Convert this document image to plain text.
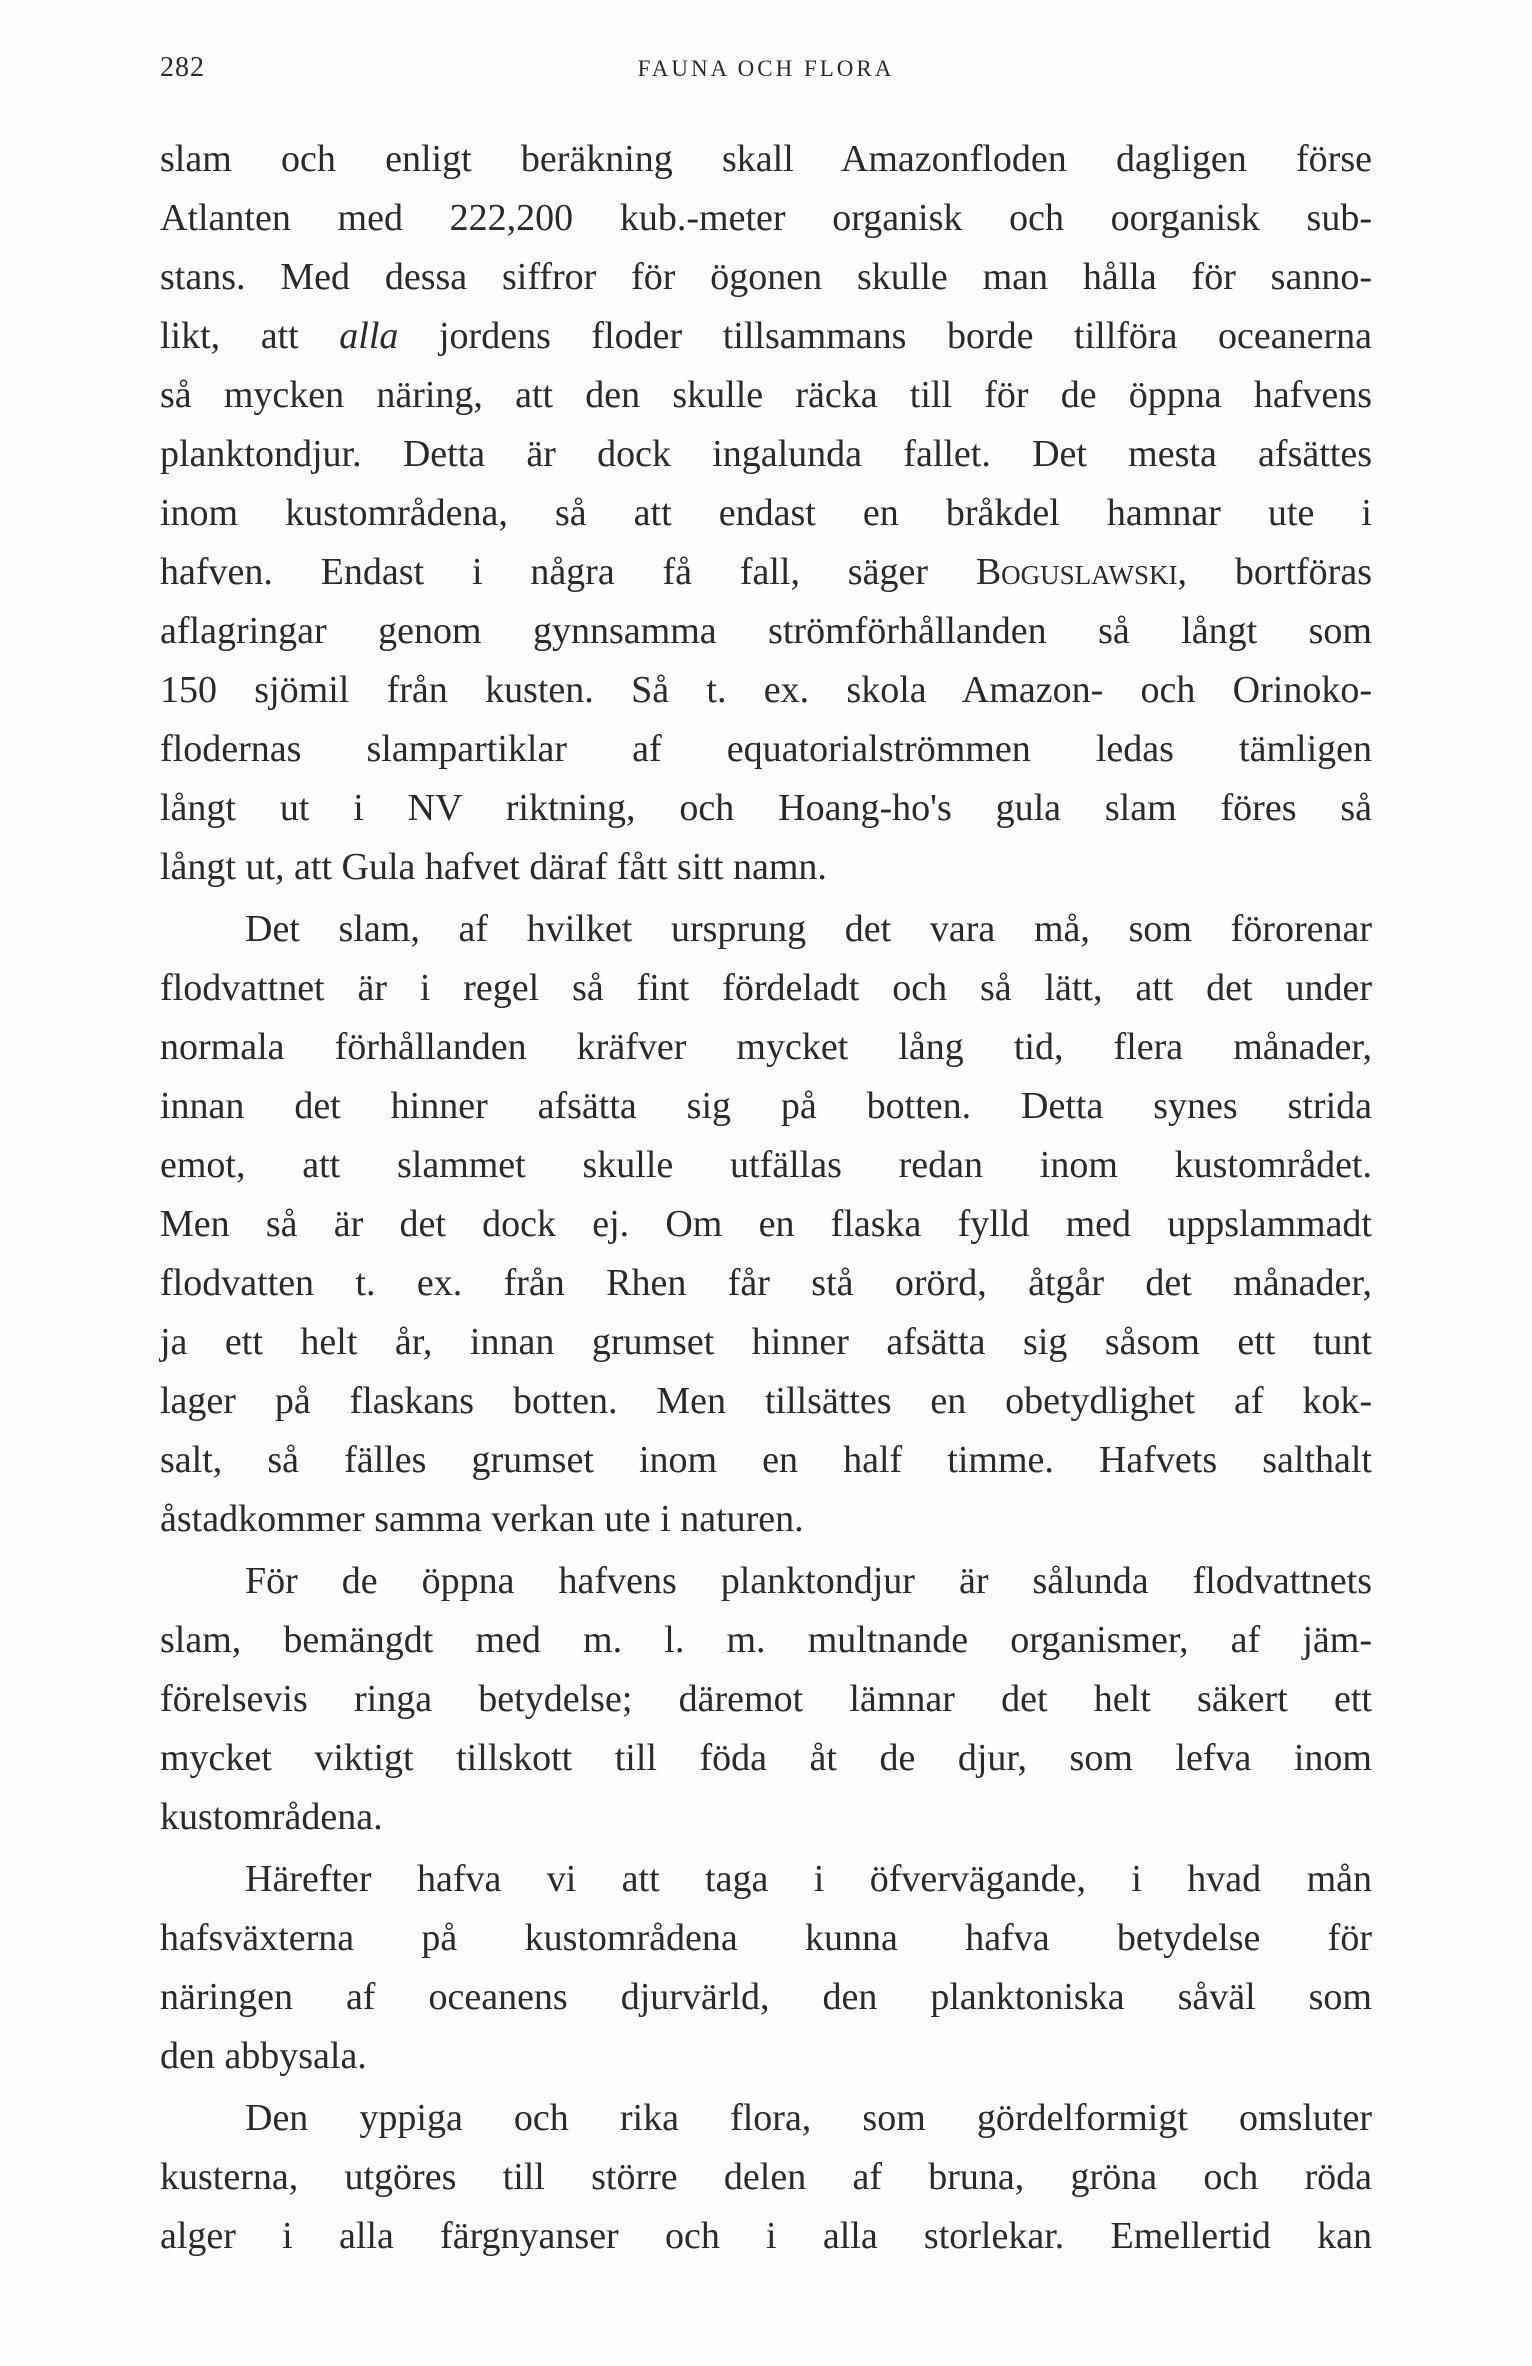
282	FAUNA OCH FLORA
slam och enligt beräkning skall Amazonfloden dagligen förse
Atlanten med 222,200 kub.-meter organisk och oorganisk sub-
stans. Med dessa siffror för ögonen skulle man hålla för sanno-
likt, att alla jordens floder tillsammans borde tillföra oceanerna
så mycken näring, att den skulle räcka till för de öppna hafvens
planktondjur. Detta är dock ingalunda fallet. Det mesta afsättes
inom kustområdena, så att endast en bråkdel hamnar ute i
hafven. Endast i några få fall, säger Boguslawski, bortföras
aflagringar genom gynnsamma strömförhållanden så långt som
150 sjömil från kusten. Så t. ex. skola Amazon- och Orinoko-
flodernas slampartiklar af equatorialströmmen ledas tämligen
långt ut i NV riktning, och Hoang-ho's gula slam föres så
långt ut, att Gula hafvet däraf fått sitt namn.
Det slam, af hvilket ursprung det vara må, som förorenar
flodvattnet är i regel så fint fördeladt och så lätt, att det under
normala förhållanden kräfver mycket lång tid, flera månader,
innan det hinner afsätta sig på botten. Detta synes strida
emot, att slammet skulle utfällas redan inom kustområdet.
Men så är det dock ej. Om en flaska fylld med uppslammadt
flodvatten t. ex. från Rhen får stå orörd, åtgår det månader,
ja ett helt år, innan grumset hinner afsätta sig såsom ett tunt
lager på flaskans botten. Men tillsättes en obetydlighet af kok-
salt, så fälles grumset inom en half timme. Hafvets salthalt
åstadkommer samma verkan ute i naturen.
För de öppna hafvens planktondjur är sålunda flodvattnets
slam, bemängdt med m. l. m. multnande organismer, af jäm-
förelsevis ringa betydelse; däremot lämnar det helt säkert ett
mycket viktigt tillskott till föda åt de djur, som lefva inom
kustområdena.
Härefter hafva vi att taga i öfvervägande, i hvad mån
hafsväxterna på kustområdena kunna hafva betydelse för
näringen af oceanens djurvärld, den planktoniska såväl som
den abbysala.
Den yppiga och rika flora, som gördelformigt omsluter
kusterna, utgöres till större delen af bruna, gröna och röda
alger i alla färgnyanser och i alla storlekar. Emellertid kan
